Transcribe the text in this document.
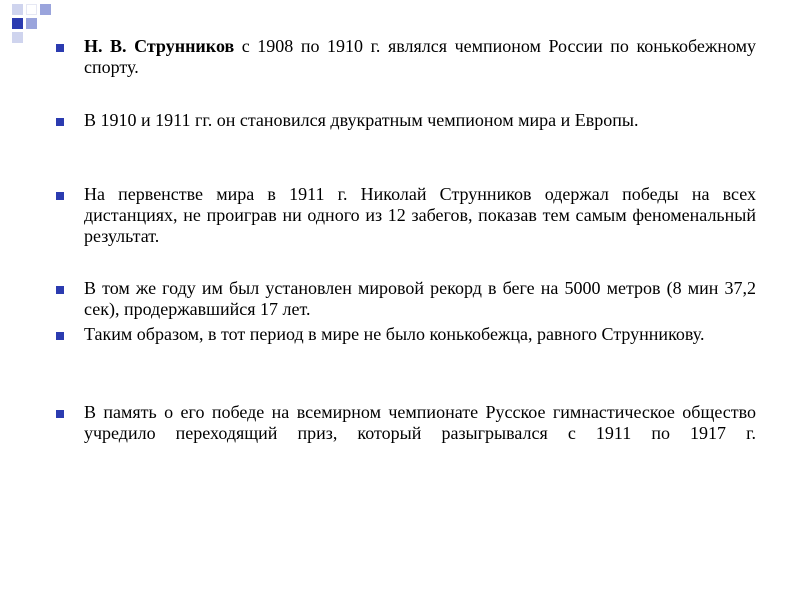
Н. В. Струнников с 1908 по 1910 г. являлся чемпионом России по конькобежному спорту.
В 1910 и 1911 гг. он становился двукратным чемпионом мира и Европы.
На первенстве мира в 1911 г. Николай Струнников одержал победы на всех дистанциях, не проиграв ни одного из 12 забегов, показав тем самым феноменальный результат.
В том же году им был установлен мировой рекорд в беге на 5000 метров (8 мин 37,2 сек), продержавшийся 17 лет.
Таким образом, в тот период в мире не было конькобежца, равного Струнникову.
В память о его победе на всемирном чемпионате Русское гимнастическое общество учредило переходящий приз, который разыгрывался с 1911 по 1917 г.
